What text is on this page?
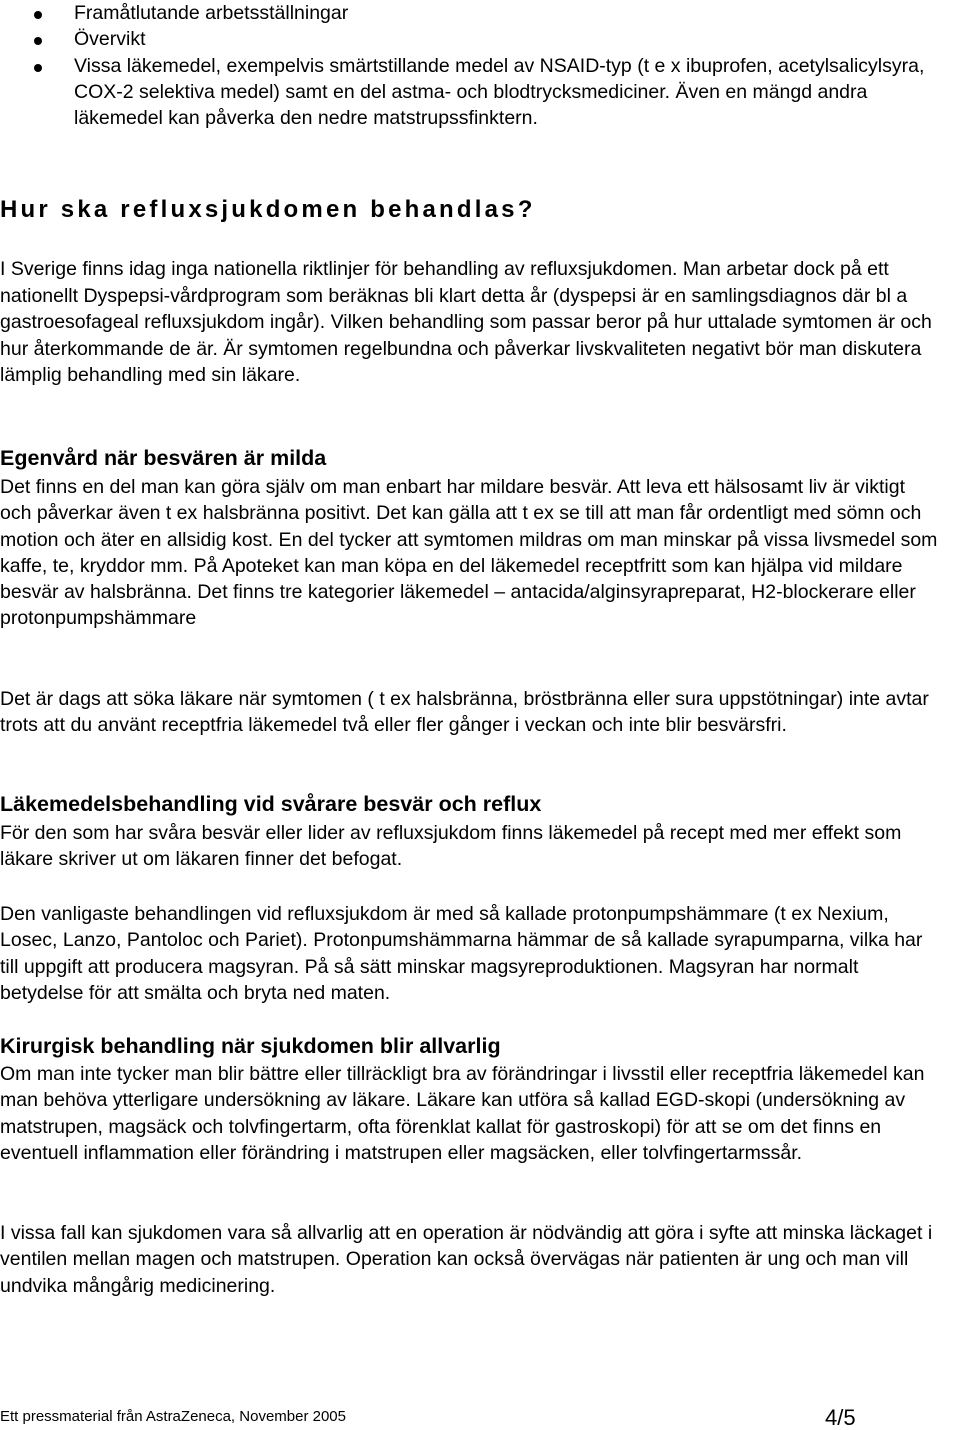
Framåtlutande arbetsställningar
Övervikt
Vissa läkemedel, exempelvis smärtstillande medel av NSAID-typ (t e x ibuprofen, acetylsalicylsyra, COX-2 selektiva medel) samt en del astma- och blodtrycksmediciner. Även en mängd andra läkemedel kan påverka den nedre matstrupssfinktern.
Hur ska refluxsjukdomen behandlas?

I Sverige finns idag inga nationella riktlinjer för behandling av refluxsjukdomen. Man arbetar dock på ett nationellt Dyspepsi-vårdprogram som beräknas bli klart detta år (dyspepsi är en samlingsdiagnos där bl a gastroesofageal refluxsjukdom ingår). Vilken behandling som passar beror på hur uttalade symtomen är och hur återkommande de är. Är symtomen regelbundna och påverkar livskvaliteten negativt bör man diskutera lämplig behandling med sin läkare.

Egenvård när besvären är milda

Det finns en del man kan göra själv om man enbart har mildare besvär. Att leva ett hälsosamt liv är viktigt och påverkar även t ex halsbränna positivt. Det kan gälla att t ex se till att man får ordentligt med sömn och motion och äter en allsidig kost. En del tycker att symtomen mildras om man minskar på vissa livsmedel som kaffe, te, kryddor mm. På Apoteket kan man köpa en del läkemedel receptfritt som kan hjälpa vid mildare besvär av halsbränna. Det finns tre kategorier läkemedel – antacida/alginsyrapreparat, H2-blockerare eller protonpumpshämmare

Det är dags att söka läkare när symtomen ( t ex halsbränna, bröstbränna eller sura uppstötningar) inte avtar trots att du använt receptfria läkemedel två eller fler gånger i veckan och inte blir besvärsfri.

Läkemedelsbehandling vid svårare besvär och reflux

För den som har svåra besvär eller lider av refluxsjukdom finns läkemedel på recept med mer effekt som läkare skriver ut om läkaren finner det befogat.

Den vanligaste behandlingen vid refluxsjukdom är med så kallade protonpumpshämmare (t ex Nexium, Losec, Lanzo, Pantoloc och Pariet). Protonpumshämmarna hämmar de så kallade syrapumparna, vilka har till uppgift att producera magsyran. På så sätt minskar magsyreproduktionen. Magsyran har normalt betydelse för att smälta och bryta ned maten.

Kirurgisk behandling när sjukdomen blir allvarlig

Om man inte tycker man blir bättre eller tillräckligt bra av förändringar i livsstil eller receptfria läkemedel kan man behöva ytterligare undersökning av läkare. Läkare kan utföra så kallad EGD-skopi (undersökning av matstrupen, magsäck och tolvfingertarm, ofta förenklat kallat för gastroskopi) för att se om det finns en eventuell inflammation eller förändring i matstrupen eller magsäcken, eller tolvfingertarmssår.

I vissa fall kan sjukdomen vara så allvarlig att en operation är nödvändig att göra i syfte att minska läckaget i ventilen mellan magen och matstrupen. Operation kan också övervägas när patienten är ung och man vill undvika mångårig medicinering.

Ett pressmaterial från AstraZeneca, November 2005	4/5
